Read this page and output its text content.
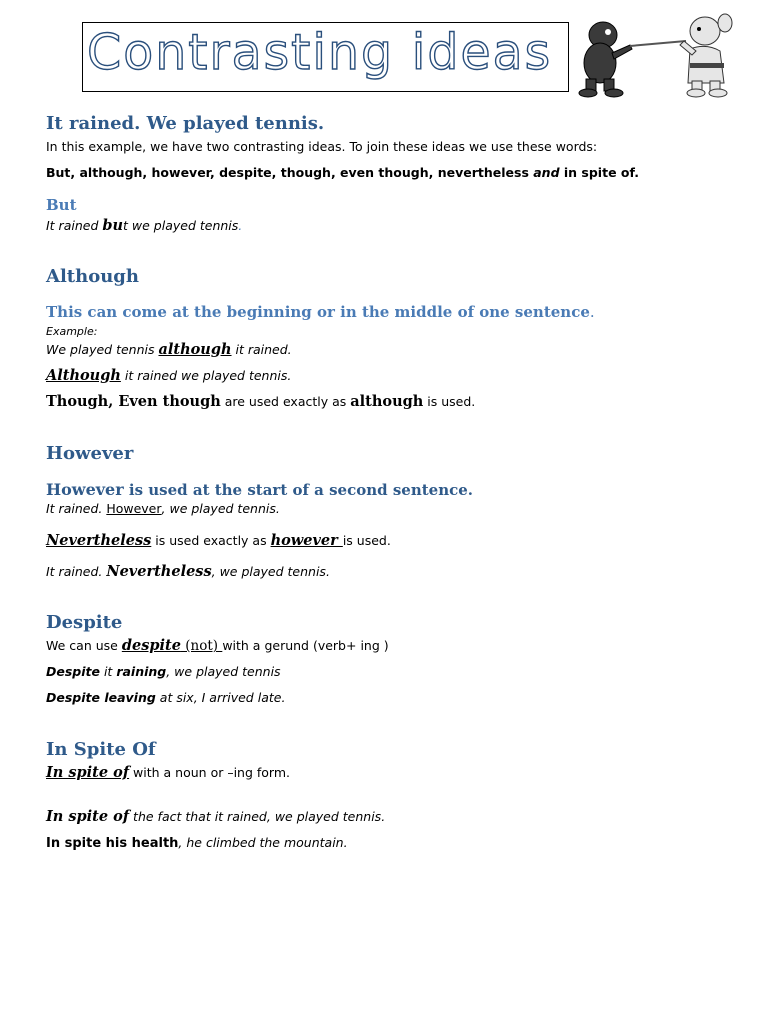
Contrasting ideas
It rained. We played tennis.
In this example, we have two contrasting ideas. To join these ideas we use these words:
But, although, however, despite, though, even though, nevertheless and in spite of.
But
It rained but we played tennis.
Although
This can come at the beginning or in the middle of one sentence.
Example:
We played tennis although it rained.
Although it rained we played tennis.
Though, Even though are used exactly as although is used.
However
However is used at the start of a second sentence.
It rained. However, we played tennis.
Nevertheless is used exactly as however is used.
It rained. Nevertheless, we played tennis.
Despite
We can use despite (not) with a gerund (verb+ ing )
Despite it raining, we played tennis
Despite leaving at six, I arrived late.
In Spite Of
In spite of with a noun or –ing form.
In spite of the fact that it rained, we played tennis.
In spite his health, he climbed the mountain.
